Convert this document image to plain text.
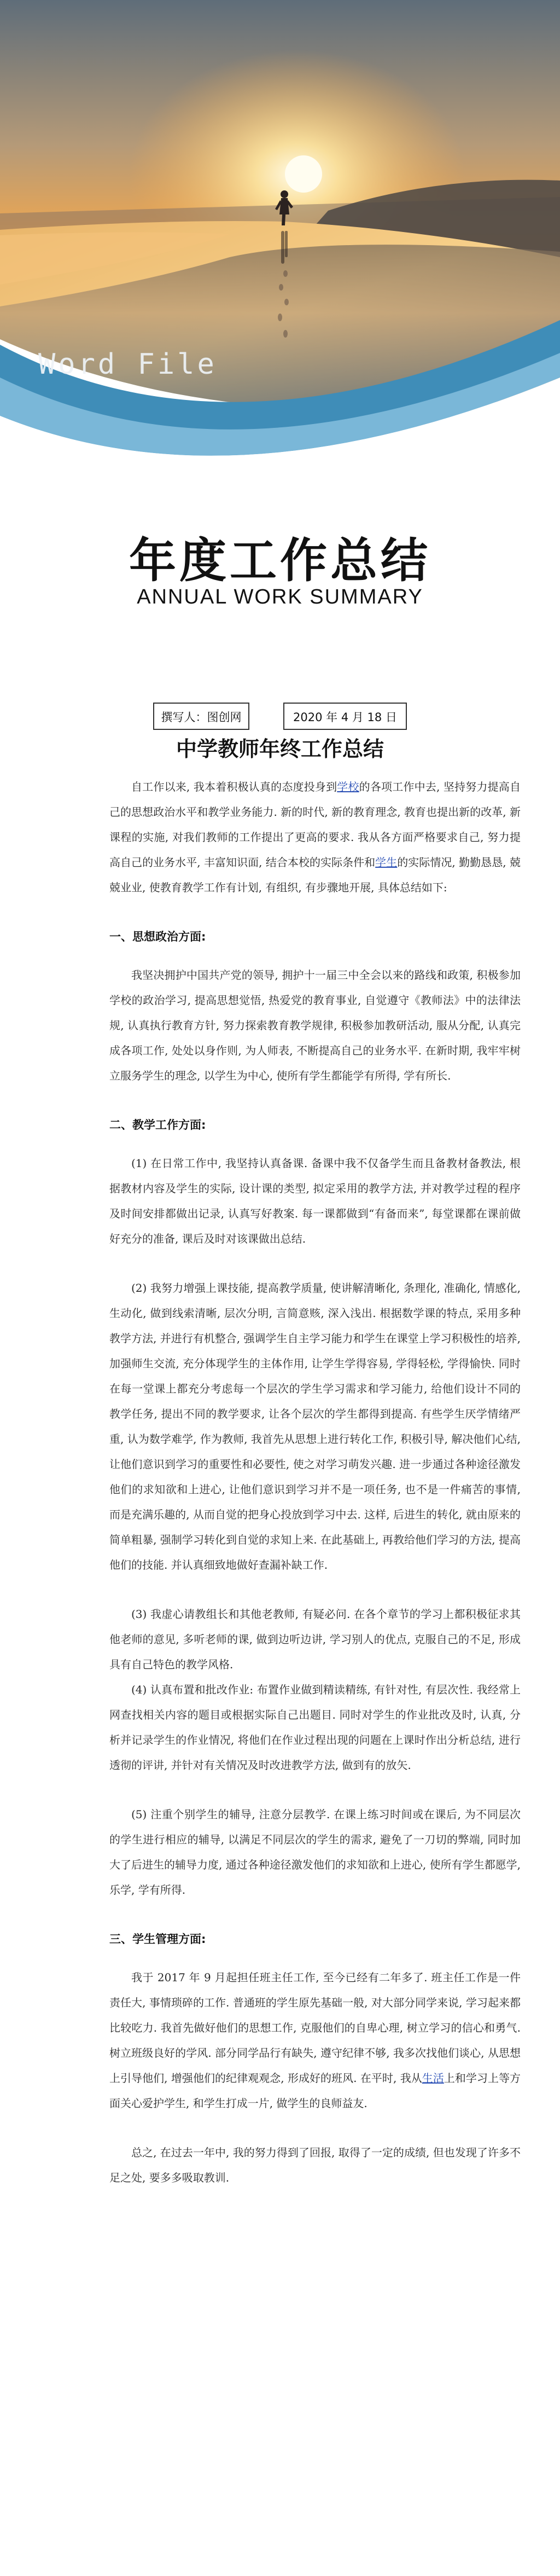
Word File
年度工作总结
ANNUAL WORK SUMMARY
撰写人：图创网	2020 年 4 月 18 日
中学教师年终工作总结

自工作以来, 我本着积极认真的态度投身到学校的各项工作中去, 坚持努力提高自己的思想政治水平和教学业务能力. 新的时代, 新的教育理念, 教育也提出新的改革, 新课程的实施, 对我们教师的工作提出了更高的要求. 我从各方面严格要求自己, 努力提高自己的业务水平, 丰富知识面, 结合本校的实际条件和学生的实际情况, 勤勤恳恳, 兢兢业业, 使教育教学工作有计划, 有组织, 有步骤地开展, 具体总结如下:

一、思想政治方面:

我坚决拥护中国共产党的领导, 拥护十一届三中全会以来的路线和政策, 积极参加学校的政治学习, 提高思想觉悟, 热爱党的教育事业, 自觉遵守《教师法》中的法律法规, 认真执行教育方针, 努力探索教育教学规律, 积极参加教研活动, 服从分配, 认真完成各项工作, 处处以身作则, 为人师表, 不断提高自己的业务水平. 在新时期, 我牢牢树立服务学生的理念, 以学生为中心, 使所有学生都能学有所得, 学有所长.

二、教学工作方面:

(1) 在日常工作中, 我坚持认真备课. 备课中我不仅备学生而且备教材备教法, 根据教材内容及学生的实际, 设计课的类型, 拟定采用的教学方法, 并对教学过程的程序及时间安排都做出记录, 认真写好教案. 每一课都做到“有备而来”, 每堂课都在课前做好充分的准备, 课后及时对该课做出总结.

(2) 我努力增强上课技能, 提高教学质量, 使讲解清晰化, 条理化, 准确化, 情感化, 生动化, 做到线索清晰, 层次分明, 言简意赅, 深入浅出. 根据数学课的特点, 采用多种教学方法, 并进行有机整合, 强调学生自主学习能力和学生在课堂上学习积极性的培养, 加强师生交流, 充分体现学生的主体作用, 让学生学得容易, 学得轻松, 学得愉快. 同时在每一堂课上都充分考虑每一个层次的学生学习需求和学习能力, 给他们设计不同的教学任务, 提出不同的教学要求, 让各个层次的学生都得到提高. 有些学生厌学情绪严重, 认为数学难学, 作为教师, 我首先从思想上进行转化工作, 积极引导, 解决他们心结, 让他们意识到学习的重要性和必要性, 使之对学习萌发兴趣. 进一步通过各种途径激发他们的求知欲和上进心, 让他们意识到学习并不是一项任务, 也不是一件痛苦的事情, 而是充满乐趣的, 从而自觉的把身心投放到学习中去. 这样, 后进生的转化, 就由原来的简单粗暴, 强制学习转化到自觉的求知上来. 在此基础上, 再教给他们学习的方法, 提高他们的技能. 并认真细致地做好查漏补缺工作.

(3) 我虚心请教组长和其他老教师, 有疑必问. 在各个章节的学习上都积极征求其他老师的意见, 多听老师的课, 做到边听边讲, 学习别人的优点, 克服自己的不足, 形成具有自己特色的教学风格.

(4) 认真布置和批改作业: 布置作业做到精读精练, 有针对性, 有层次性. 我经常上网查找相关内容的题目或根据实际自己出题目. 同时对学生的作业批改及时, 认真, 分析并记录学生的作业情况, 将他们在作业过程出现的问题在上课时作出分析总结, 进行透彻的评讲, 并针对有关情况及时改进教学方法, 做到有的放矢.

(5) 注重个别学生的辅导, 注意分层教学. 在课上练习时间或在课后, 为不同层次的学生进行相应的辅导, 以满足不同层次的学生的需求, 避免了一刀切的弊端, 同时加大了后进生的辅导力度, 通过各种途径激发他们的求知欲和上进心, 使所有学生都愿学, 乐学, 学有所得.

三、学生管理方面:

我于 2017 年 9 月起担任班主任工作, 至今已经有二年多了. 班主任工作是一件责任大, 事情琐碎的工作. 普通班的学生原先基础一般, 对大部分同学来说, 学习起来都比较吃力. 我首先做好他们的思想工作, 克服他们的自卑心理, 树立学习的信心和勇气. 树立班级良好的学风. 部分同学品行有缺失, 遵守纪律不够, 我多次找他们谈心, 从思想上引导他们, 增强他们的纪律观观念, 形成好的班风. 在平时, 我从生活上和学习上等方面关心爱护学生, 和学生打成一片, 做学生的良师益友.

总之, 在过去一年中, 我的努力得到了回报, 取得了一定的成绩, 但也发现了许多不足之处, 要多多吸取教训.
